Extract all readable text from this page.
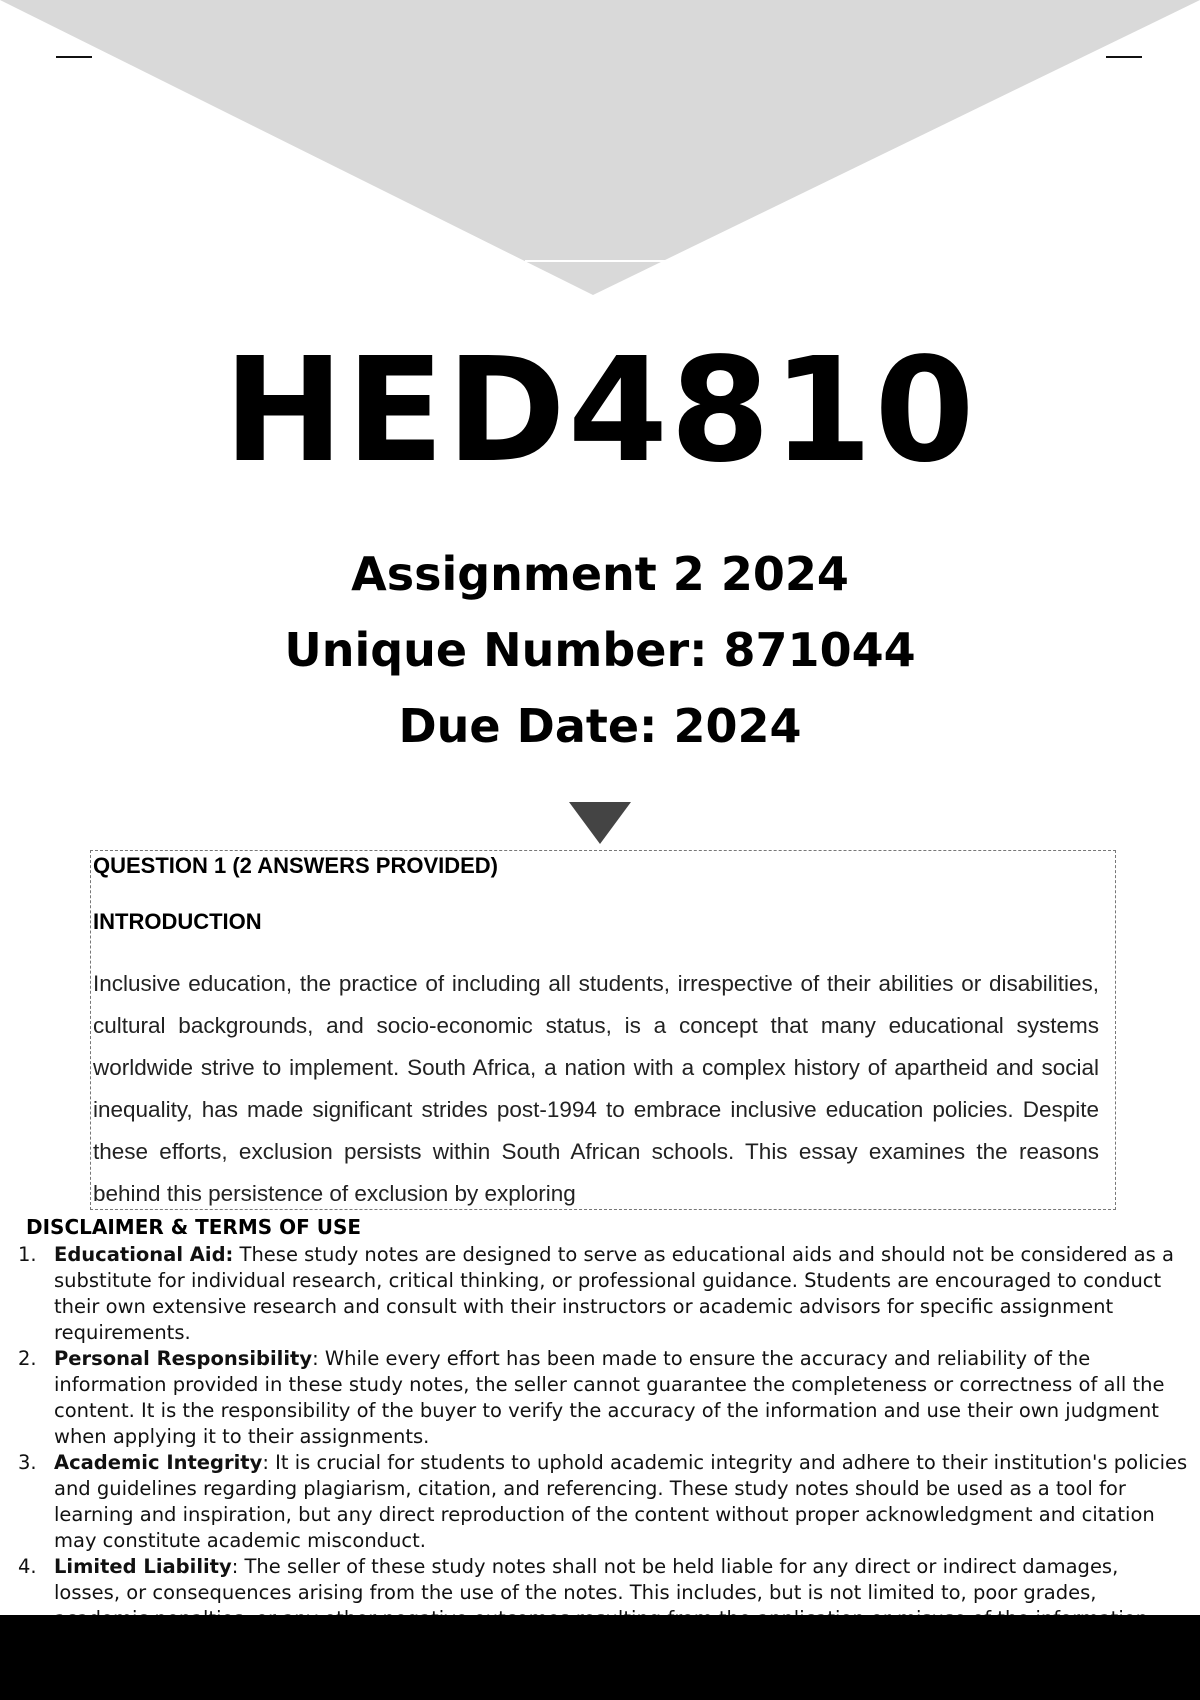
HED4810

Assignment 2 2024

Unique Number: 871044

Due Date: 2024

QUESTION 1 (2 ANSWERS PROVIDED)

INTRODUCTION

Inclusive education, the practice of including all students, irrespective of their abilities or disabilities, cultural backgrounds, and socio-economic status, is a concept that many educational systems worldwide strive to implement. South Africa, a nation with a complex history of apartheid and social inequality, has made significant strides post-1994 to embrace inclusive education policies. Despite these efforts, exclusion persists within South African schools. This essay examines the reasons behind this persistence of exclusion by exploring

DISCLAIMER & TERMS OF USE

1. Educational Aid: These study notes are designed to serve as educational aids and should not be considered as a substitute for individual research, critical thinking, or professional guidance. Students are encouraged to conduct their own extensive research and consult with their instructors or academic advisors for specific assignment requirements.
2. Personal Responsibility: While every effort has been made to ensure the accuracy and reliability of the information provided in these study notes, the seller cannot guarantee the completeness or correctness of all the content. It is the responsibility of the buyer to verify the accuracy of the information and use their own judgment when applying it to their assignments.
3. Academic Integrity: It is crucial for students to uphold academic integrity and adhere to their institution's policies and guidelines regarding plagiarism, citation, and referencing. These study notes should be used as a tool for learning and inspiration, but any direct reproduction of the content without proper acknowledgment and citation may constitute academic misconduct.
4. Limited Liability: The seller of these study notes shall not be held liable for any direct or indirect damages, losses, or consequences arising from the use of the notes. This includes, but is not limited to, poor grades,
